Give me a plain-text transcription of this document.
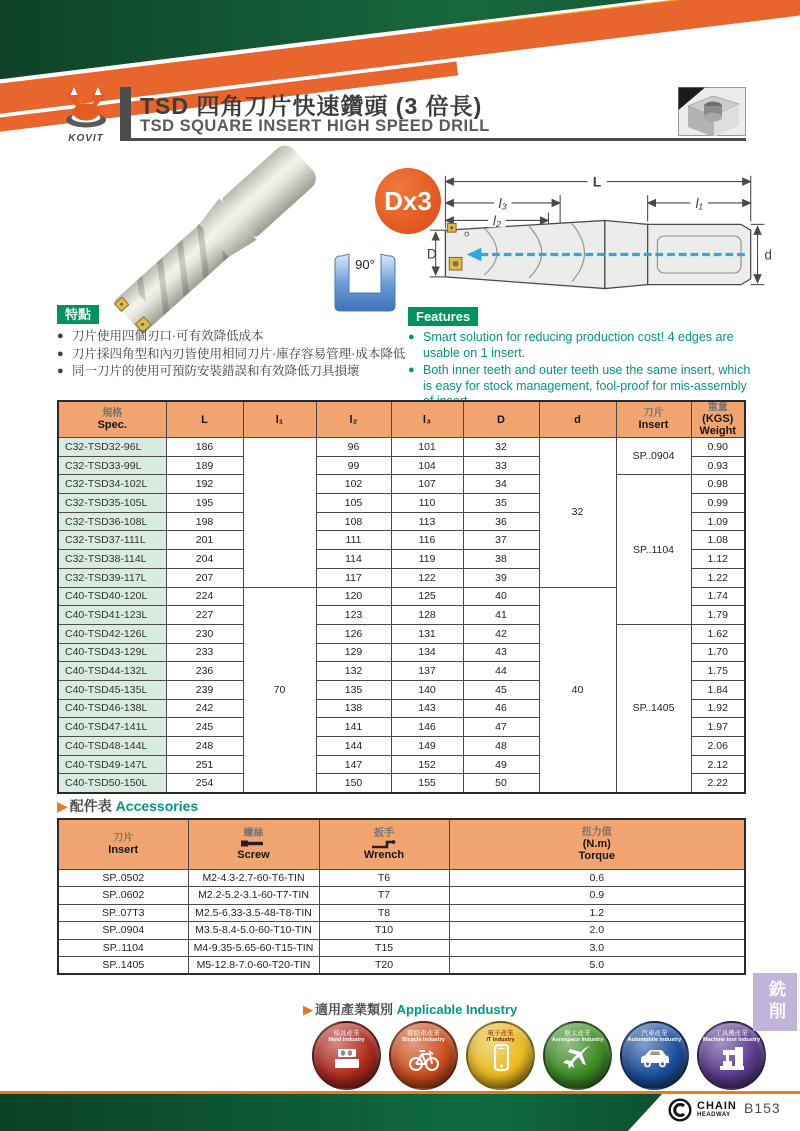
KOVIT
TSD 四角刀片快速鑽頭 (3 倍長)
TSD SQUARE INSERT HIGH SPEED DRILL
Dx3
90°
L
l₃
l₂
l₁
D	d
特點
● 刀片使用四個刃口·可有效降低成本
● 刀片採四角型和內刃皆使用相同刀片·庫存容易管理·成本降低
● 同一刀片的使用可預防安裝錯誤和有效降低刀具損壞
Features
● Smart solution for reducing production cost! 4 edges are usable on 1 insert.
● Both inner teeth and outer teeth use the same insert, which is easy for stock management, fool-proof for mis-assembly of insert.
規格
Spec.	L	l₁	l₂	l₃	D	d	刀片
Insert	重量
(KGS)
Weight

C32-TSD32-96L	186		96	101	32	32	SP..0904	0.90
C32-TSD33-99L	189		99	104	33			0.93
C32-TSD34-102L	192		102	107	34		SP..1104	0.98
C32-TSD35-105L	195		105	110	35			0.99
C32-TSD36-108L	198		108	113	36			1.09
C32-TSD37-111L	201		111	116	37			1.08
C32-TSD38-114L	204		114	119	38			1.12
C32-TSD39-117L	207		117	122	39			1.22
C40-TSD40-120L	224	70	120	125	40	40		1.74
C40-TSD41-123L	227		123	128	41			1.79
C40-TSD42-126L	230		126	131	42		SP..1405	1.62
C40-TSD43-129L	233		129	134	43			1.70
C40-TSD44-132L	236		132	137	44			1.75
C40-TSD45-135L	239		135	140	45			1.84
C40-TSD46-138L	242		138	143	46			1.92
C40-TSD47-141L	245		141	146	47			1.97
C40-TSD48-144L	248		144	149	48			2.06
C40-TSD49-147L	251		147	152	49			2.12
C40-TSD50-150L	254		150	155	50			2.22
▶ 配件表 Accessories
刀片
Insert	螺絲
Screw	扳手
Wrench	扭力值
(N.m)
Torque

SP..0502	M2-4.3-2.7-60-T6-TIN	T6	0.6
SP..0602	M2.2-5.2-3.1-60-T7-TIN	T7	0.9
SP..07T3	M2.5-6.33-3.5-48-T8-TIN	T8	1.2
SP..0904	M3.5-8.4-5.0-60-T10-TIN	T10	2.0
SP..1104	M4-9.35-5.65-60-T15-TIN	T15	3.0
SP..1405	M5-12.8-7.0-60-T20-TIN	T20	5.0
▶ 適用產業類別 Applicable Industry
模具產業
Mold Industry
腳踏車產業
Bicycle Industry
電子產業
IT Industry
航太產業
Aerospace Industry
汽車產業
Automobile Industry
工具機產業
Machine tool Industry
銑削
CHAIN
HEADWAY B153
